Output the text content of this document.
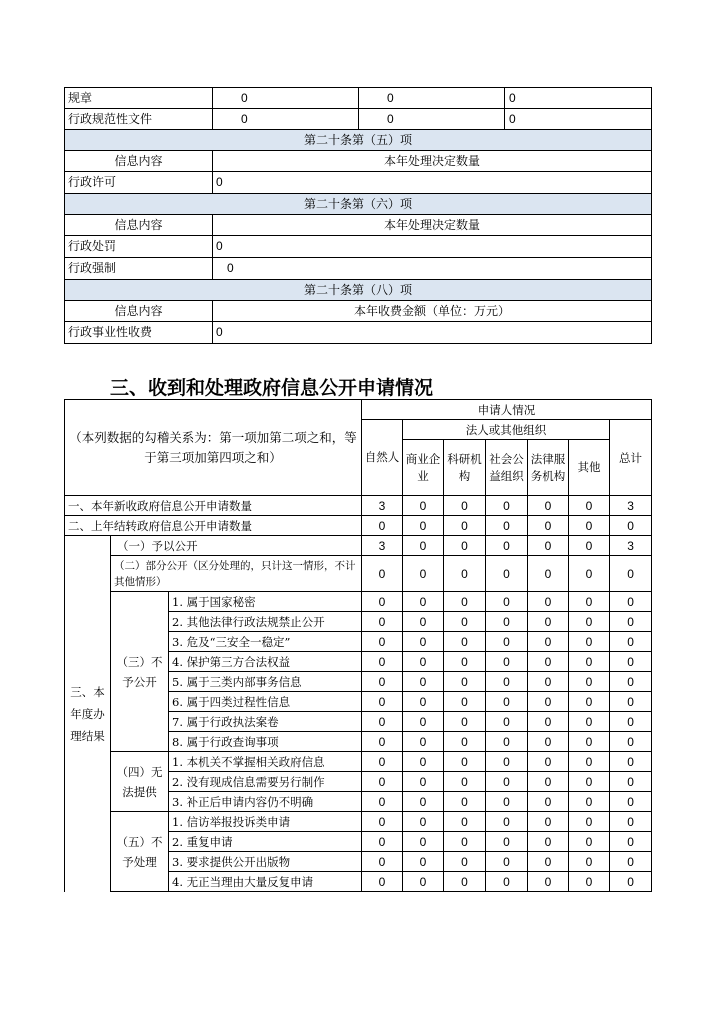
规章	0	0	0
行政规范性文件	0	0	0
第二十条第（五）项			
信息内容	本年处理决定数量		
行政许可	0		
第二十条第（六）项			
信息内容	本年处理决定数量		
行政处罚	0		
行政强制	0		
第二十条第（八）项			
信息内容	本年收费金额（单位：万元）		
行政事业性收费	0		
三、收到和处理政府信息公开申请情况
（本列数据的勾稽关系为：第一项加第二项之和，等于第三项加第四项之和）			申请人情况						
			自然人	法人或其他组织					总计
				商业企业	科研机构	社会公益组织	法律服务机构	其他	

一、本年新收政府信息公开申请数量			3	0	0	0	0	0	3
二、上年结转政府信息公开申请数量			0	0	0	0	0	0	0
三、本年度办理结果	（一）予以公开		3	0	0	0	0	0	3
	（二）部分公开（区分处理的，只计这一情形，不计其他情形）		0	0	0	0	0	0	0
	（三）不予公开	1. 属于国家秘密	0	0	0	0	0	0	0
		2. 其他法律行政法规禁止公开	0	0	0	0	0	0	0
		3. 危及“三安全一稳定”	0	0	0	0	0	0	0
		4. 保护第三方合法权益	0	0	0	0	0	0	0
		5. 属于三类内部事务信息	0	0	0	0	0	0	0
		6. 属于四类过程性信息	0	0	0	0	0	0	0
		7. 属于行政执法案卷	0	0	0	0	0	0	0
		8. 属于行政查询事项	0	0	0	0	0	0	0
	（四）无法提供	1. 本机关不掌握相关政府信息	0	0	0	0	0	0	0
		2. 没有现成信息需要另行制作	0	0	0	0	0	0	0
		3. 补正后申请内容仍不明确	0	0	0	0	0	0	0
	（五）不予处理	1. 信访举报投诉类申请	0	0	0	0	0	0	0
		2. 重复申请	0	0	0	0	0	0	0
		3. 要求提供公开出版物	0	0	0	0	0	0	0
		4. 无正当理由大量反复申请	0	0	0	0	0	0	0
